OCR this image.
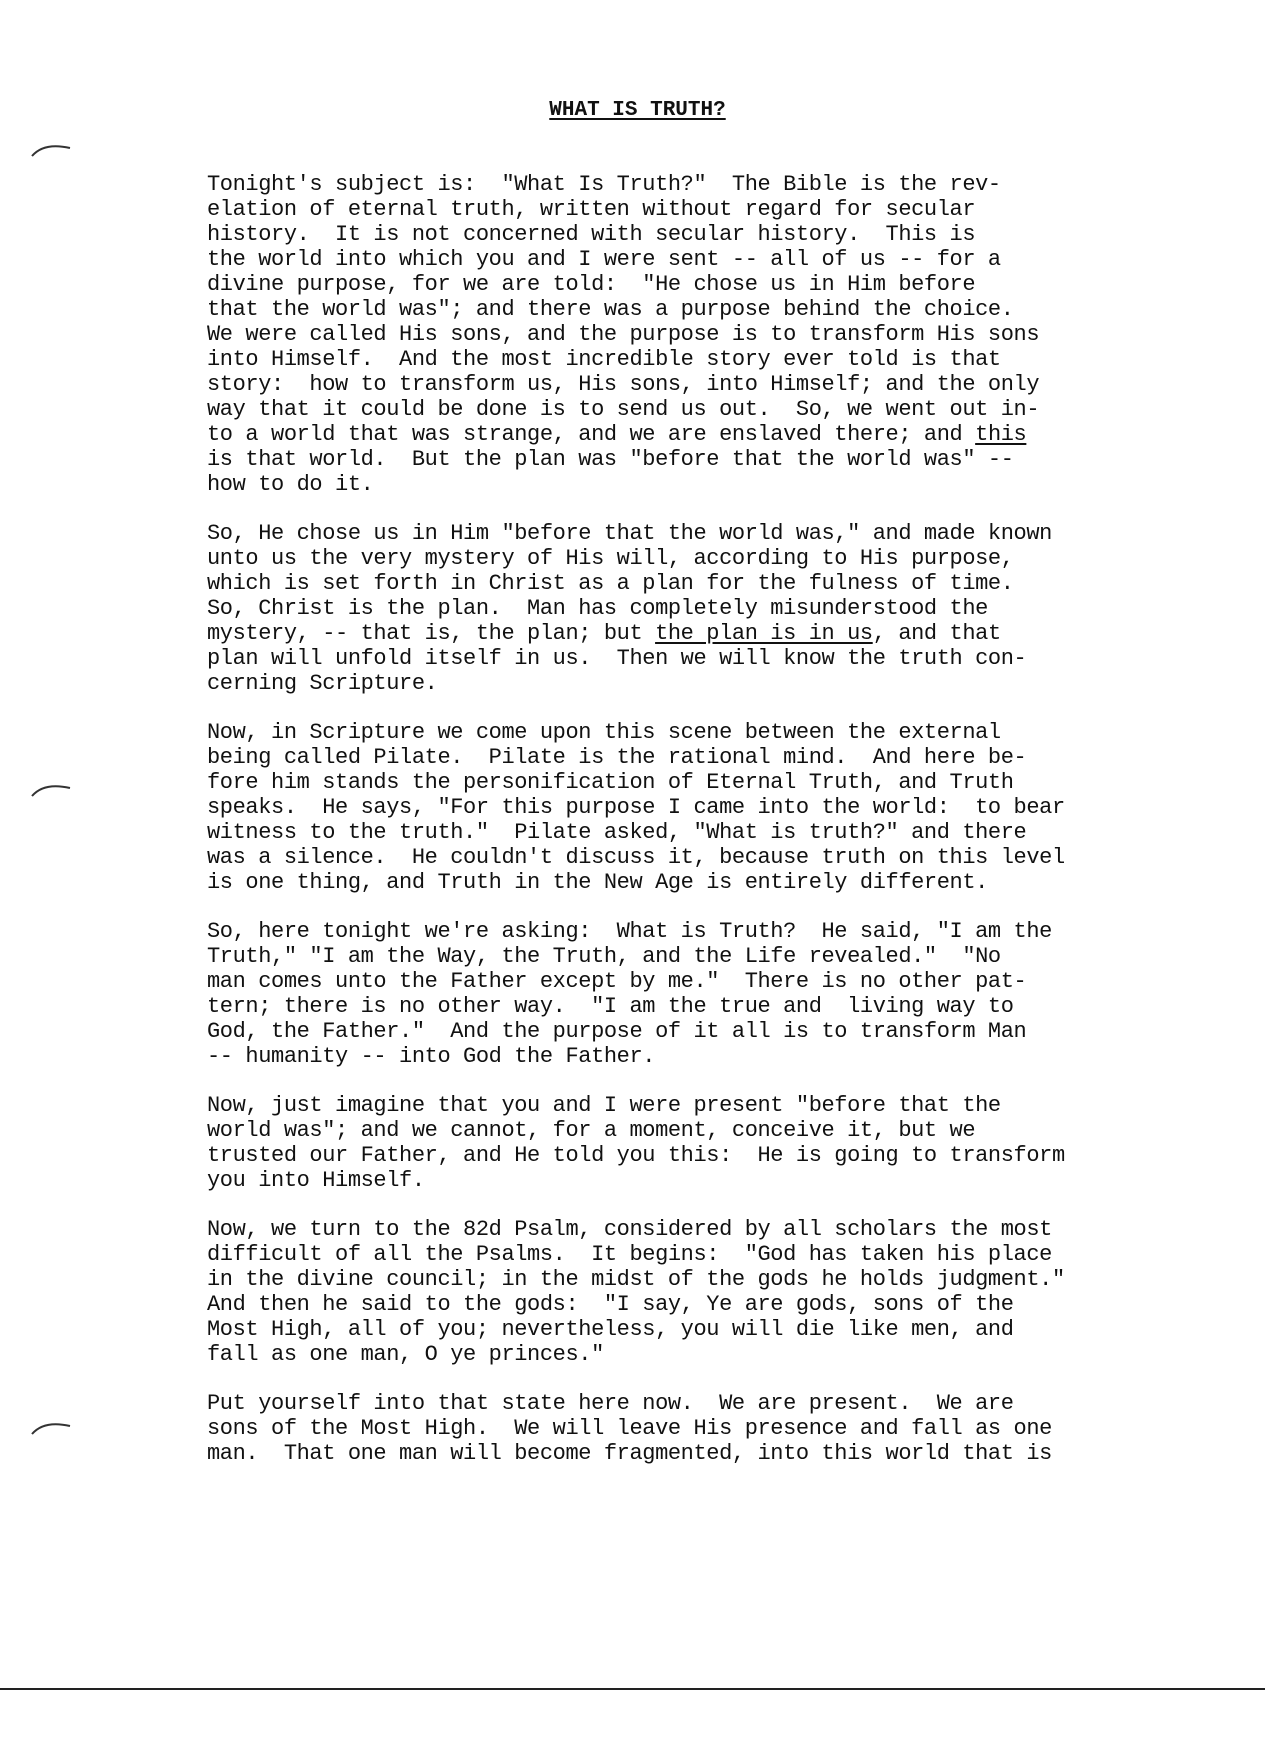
WHAT IS TRUTH?
Tonight's subject is:  "What Is Truth?"  The Bible is the rev-
elation of eternal truth, written without regard for secular
history.  It is not concerned with secular history.  This is
the world into which you and I were sent -- all of us -- for a
divine purpose, for we are told:  "He chose us in Him before
that the world was"; and there was a purpose behind the choice.
We were called His sons, and the purpose is to transform His sons
into Himself.  And the most incredible story ever told is that
story:  how to transform us, His sons, into Himself; and the only
way that it could be done is to send us out.  So, we went out in-
to a world that was strange, and we are enslaved there; and this
is that world.  But the plan was "before that the world was" --
how to do it.
So, He chose us in Him "before that the world was," and made known
unto us the very mystery of His will, according to His purpose,
which is set forth in Christ as a plan for the fulness of time.
So, Christ is the plan.  Man has completely misunderstood the
mystery, -- that is, the plan; but the plan is in us, and that
plan will unfold itself in us.  Then we will know the truth con-
cerning Scripture.
Now, in Scripture we come upon this scene between the external
being called Pilate.  Pilate is the rational mind.  And here be-
fore him stands the personification of Eternal Truth, and Truth
speaks.  He says, "For this purpose I came into the world:  to bear
witness to the truth."  Pilate asked, "What is truth?" and there
was a silence.  He couldn't discuss it, because truth on this level
is one thing, and Truth in the New Age is entirely different.
So, here tonight we're asking:  What is Truth?  He said, "I am the
Truth," "I am the Way, the Truth, and the Life revealed."  "No
man comes unto the Father except by me."  There is no other pat-
tern; there is no other way.  "I am the true and  living way to
God, the Father."  And the purpose of it all is to transform Man
-- humanity -- into God the Father.
Now, just imagine that you and I were present "before that the
world was"; and we cannot, for a moment, conceive it, but we
trusted our Father, and He told you this:  He is going to transform
you into Himself.
Now, we turn to the 82d Psalm, considered by all scholars the most
difficult of all the Psalms.  It begins:  "God has taken his place
in the divine council; in the midst of the gods he holds judgment."
And then he said to the gods:  "I say, Ye are gods, sons of the
Most High, all of you; nevertheless, you will die like men, and
fall as one man, O ye princes."
Put yourself into that state here now.  We are present.  We are
sons of the Most High.  We will leave His presence and fall as one
man.  That one man will become fragmented, into this world that is
